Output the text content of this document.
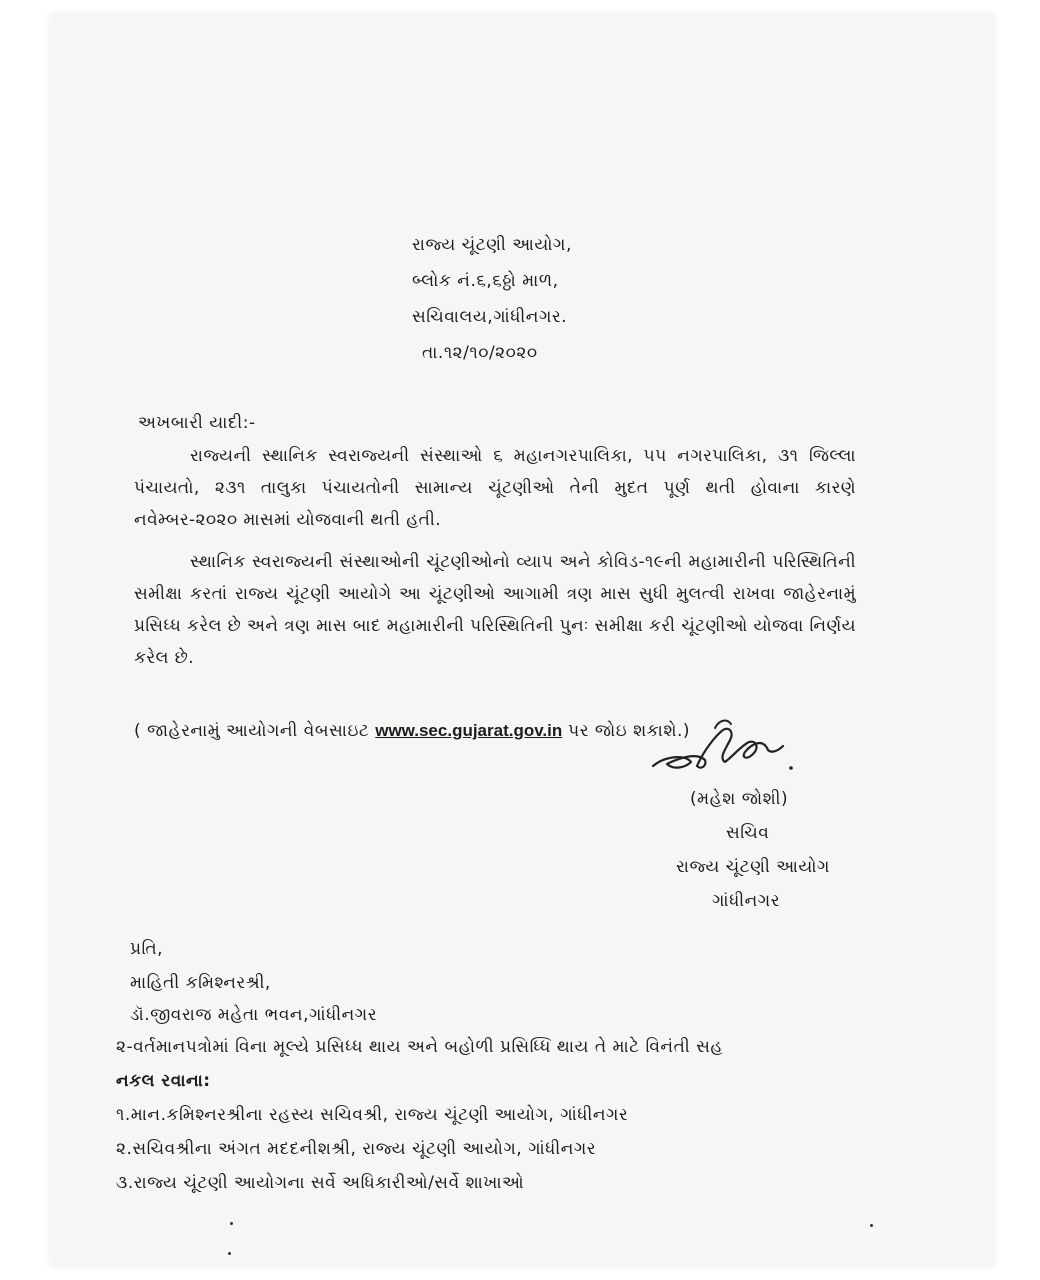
રાજ્ય ચૂંટણી આયોગ,
બ્લોક નં.૬,૬ઠ્ઠો માળ,
સચિવાલય,ગાંધીનગર.
તા.૧૨/૧૦/૨૦૨૦
અખબારી યાદી:-
રાજ્યની સ્થાનિક સ્વરાજ્યની સંસ્થાઓ ૬ મહાનગરપાલિકા, ૫૫ નગરપાલિકા, ૩૧ જિલ્લા પંચાયતો, ૨૩૧ તાલુકા પંચાયતોની સામાન્ય ચૂંટણીઓ તેની મુદત પૂર્ણ થતી હોવાના કારણે નવેમ્બર-૨૦૨૦ માસમાં યોજવાની થતી હતી.
સ્થાનિક સ્વરાજ્યની સંસ્થાઓની ચૂંટણીઓનો વ્યાપ અને કોવિડ-૧૯ની મહામારીની પરિસ્થિતિની સમીક્ષા કરતાં રાજ્ય ચૂંટણી આયોગે આ ચૂંટણીઓ આગામી ત્રણ માસ સુધી મુલત્વી રાખવા જાહેરનામું પ્રસિધ્ધ કરેલ છે અને ત્રણ માસ બાદ મહામારીની પરિસ્થિતિની પુનઃ સમીક્ષા કરી ચૂંટણીઓ યોજવા નિર્ણય કરેલ છે.
( જાહેરનામું આયોગની વેબસાઇટ www.sec.gujarat.gov.in પર જોઇ શકાશે.)
(મહેશ જોશી)
સચિવ
રાજ્ય ચૂંટણી આયોગ
ગાંધીનગર
પ્રતિ,
માહિતી કમિશ્નરશ્રી,
ડૉ.જીવરાજ મહેતા ભવન,ગાંધીનગર
૨-વર્તમાનપત્રોમાં વિના મૂલ્યે પ્રસિધ્ધ થાય અને બહોળી પ્રસિધ્ધિ થાય તે માટે વિનંતી સહ
નકલ રવાના:
૧.માન.કમિશ્નરશ્રીના રહસ્ય સચિવશ્રી, રાજ્ય ચૂંટણી આયોગ, ગાંધીનગર
૨.સચિવશ્રીના અંગત મદદનીશશ્રી, રાજ્ય ચૂંટણી આયોગ, ગાંધીનગર
૩.રાજ્ય ચૂંટણી આયોગના સર્વે અધિકારીઓ/સર્વે શાખાઓ
